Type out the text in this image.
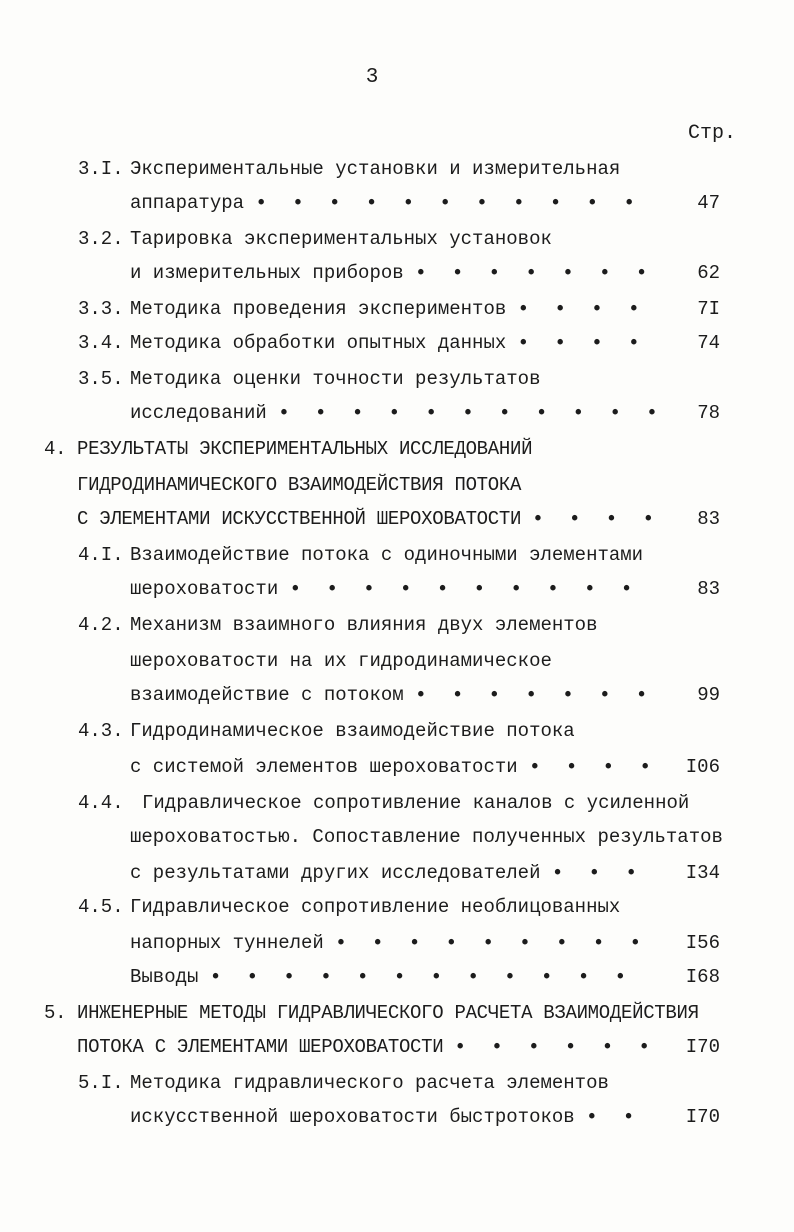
3
Стр.
3.I. Экспериментальные установки и измерительная
аппаратура • • • • • • • • • • •	47
3.2. Тарировка экспериментальных установок
и измерительных приборов • • • • • • •	62
3.3. Методика проведения экспериментов • • • •	7I
3.4. Методика обработки опытных данных • • • •	74
3.5. Методика оценки точности результатов
исследований • • • • • • • • • • •	78
4. РЕЗУЛЬТАТЫ ЭКСПЕРИМЕНТАЛЬНЫХ ИССЛЕДОВАНИЙ
ГИДРОДИНАМИЧЕСКОГО ВЗАИМОДЕЙСТВИЯ ПОТОКА
С ЭЛЕМЕНТАМИ ИСКУССТВЕННОЙ ШЕРОХОВАТОСТИ • • • •	83
4.I. Взаимодействие потока с одиночными элементами
шероховатости • • • • • • • • • •	83
4.2. Механизм взаимного влияния двух элементов
шероховатости на их гидродинамическое
взаимодействие с потоком • • • • • • •	99
4.3. Гидродинамическое взаимодействие потока
с системой элементов шероховатости • • • •	I06
4.4. Гидравлическое сопротивление каналов с усиленной
шероховатостью. Сопоставление полученных результатов
с результатами других исследователей • • •	I34
4.5. Гидравлическое сопротивление необлицованных
напорных туннелей • • • • • • • • •	I56
Выводы • • • • • • • • • • • •	I68
5. ИНЖЕНЕРНЫЕ МЕТОДЫ ГИДРАВЛИЧЕСКОГО РАСЧЕТА ВЗАИМОДЕЙСТВИЯ
ПОТОКА С ЭЛЕМЕНТАМИ ШЕРОХОВАТОСТИ • • • • • •	I70
5.I. Методика гидравлического расчета элементов
искусственной шероховатости быстротоков • •	I70
